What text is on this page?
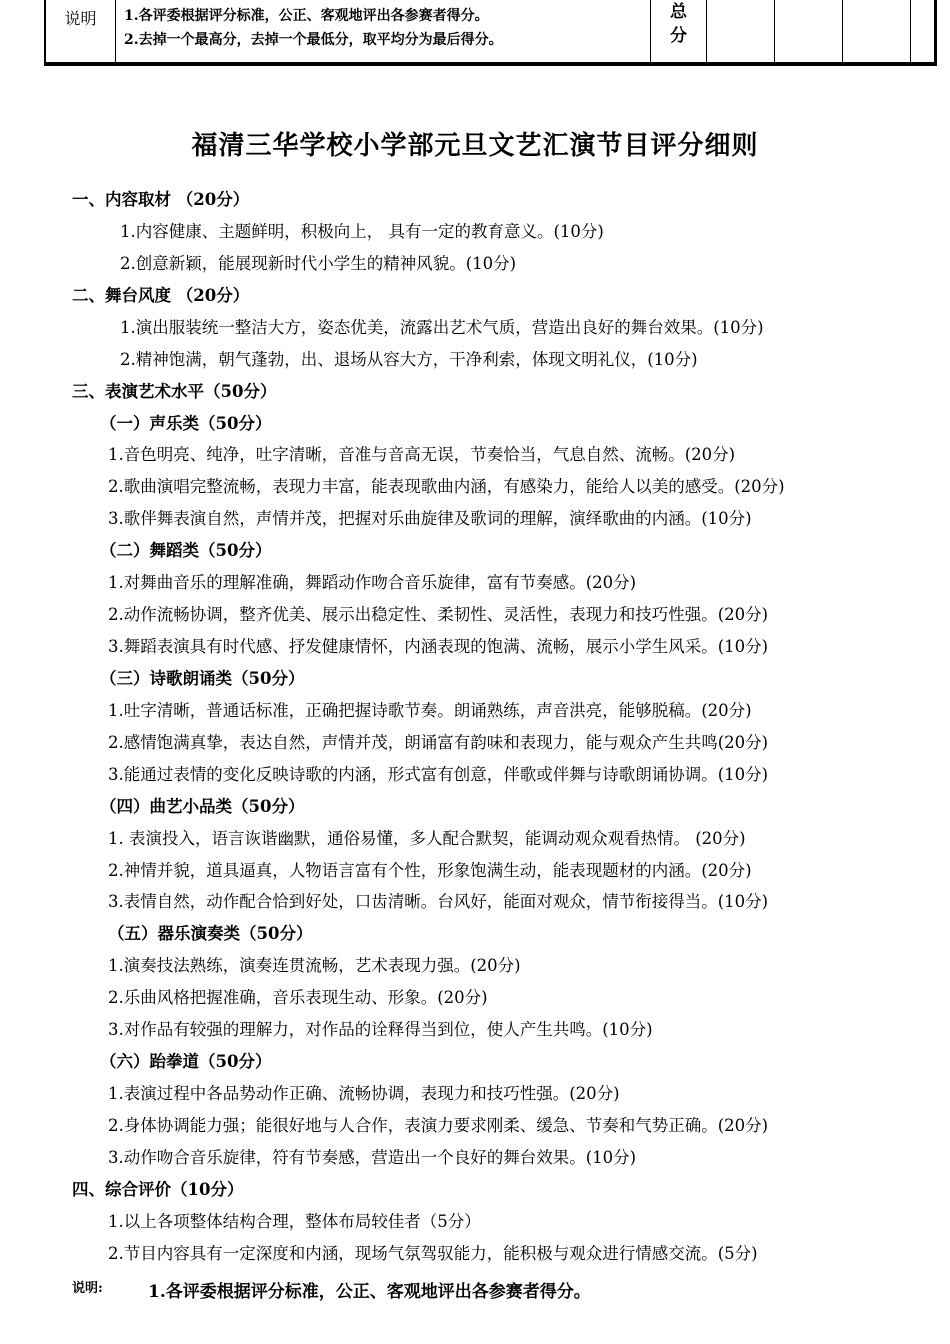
说明	1.各评委根据评分标准，公正、客观地评出各参赛者得分。
2.去掉一个最高分，去掉一个最低分，取平均分为最后得分。
总分
福清三华学校小学部元旦文艺汇演节目评分细则
一、内容取材 （20分）
1.内容健康、主题鲜明，积极向上， 具有一定的教育意义。(10分)
2.创意新颖，能展现新时代小学生的精神风貌。(10分)
二、舞台风度 （20分）
1.演出服装统一整洁大方，姿态优美，流露出艺术气质，营造出良好的舞台效果。(10分)
2.精神饱满，朝气蓬勃，出、退场从容大方，干净利索，体现文明礼仪，(10分)
三、表演艺术水平（50分）
（一）声乐类（50分）
1.音色明亮、纯净，吐字清晰，音准与音高无误，节奏恰当，气息自然、流畅。(20分)
2.歌曲演唱完整流畅，表现力丰富，能表现歌曲内涵，有感染力，能给人以美的感受。(20分)
3.歌伴舞表演自然，声情并茂，把握对乐曲旋律及歌词的理解，演绎歌曲的内涵。(10分)
（二）舞蹈类（50分）
1.对舞曲音乐的理解准确，舞蹈动作吻合音乐旋律，富有节奏感。(20分)
2.动作流畅协调，整齐优美、展示出稳定性、柔韧性、灵活性，表现力和技巧性强。(20分)
3.舞蹈表演具有时代感、抒发健康情怀，内涵表现的饱满、流畅，展示小学生风采。(10分)
（三）诗歌朗诵类（50分）
1.吐字清晰，普通话标准，正确把握诗歌节奏。朗诵熟练，声音洪亮，能够脱稿。(20分)
2.感情饱满真挚，表达自然，声情并茂，朗诵富有韵味和表现力，能与观众产生共鸣(20分)
3.能通过表情的变化反映诗歌的内涵，形式富有创意，伴歌或伴舞与诗歌朗诵协调。(10分)
（四）曲艺小品类（50分）
1. 表演投入，语言诙谐幽默，通俗易懂，多人配合默契，能调动观众观看热情。 (20分)
2.神情并貌，道具逼真，人物语言富有个性，形象饱满生动，能表现题材的内涵。(20分)
3.表情自然，动作配合恰到好处，口齿清晰。台风好，能面对观众，情节衔接得当。(10分)
（五）器乐演奏类（50分）
1.演奏技法熟练，演奏连贯流畅，艺术表现力强。(20分)
2.乐曲风格把握准确，音乐表现生动、形象。(20分)
3.对作品有较强的理解力，对作品的诠释得当到位，使人产生共鸣。(10分)
（六）跆拳道（50分）
1.表演过程中各品势动作正确、流畅协调，表现力和技巧性强。(20分)
2.身体协调能力强；能很好地与人合作，表演力要求刚柔、缓急、节奏和气势正确。(20分)
3.动作吻合音乐旋律，符有节奏感，营造出一个良好的舞台效果。(10分)
四、综合评价（10分）
1.以上各项整体结构合理，整体布局较佳者（5分）
2.节目内容具有一定深度和内涵，现场气氛驾驭能力，能积极与观众进行情感交流。(5分)
说明:	1.各评委根据评分标准，公正、客观地评出各参赛者得分。
